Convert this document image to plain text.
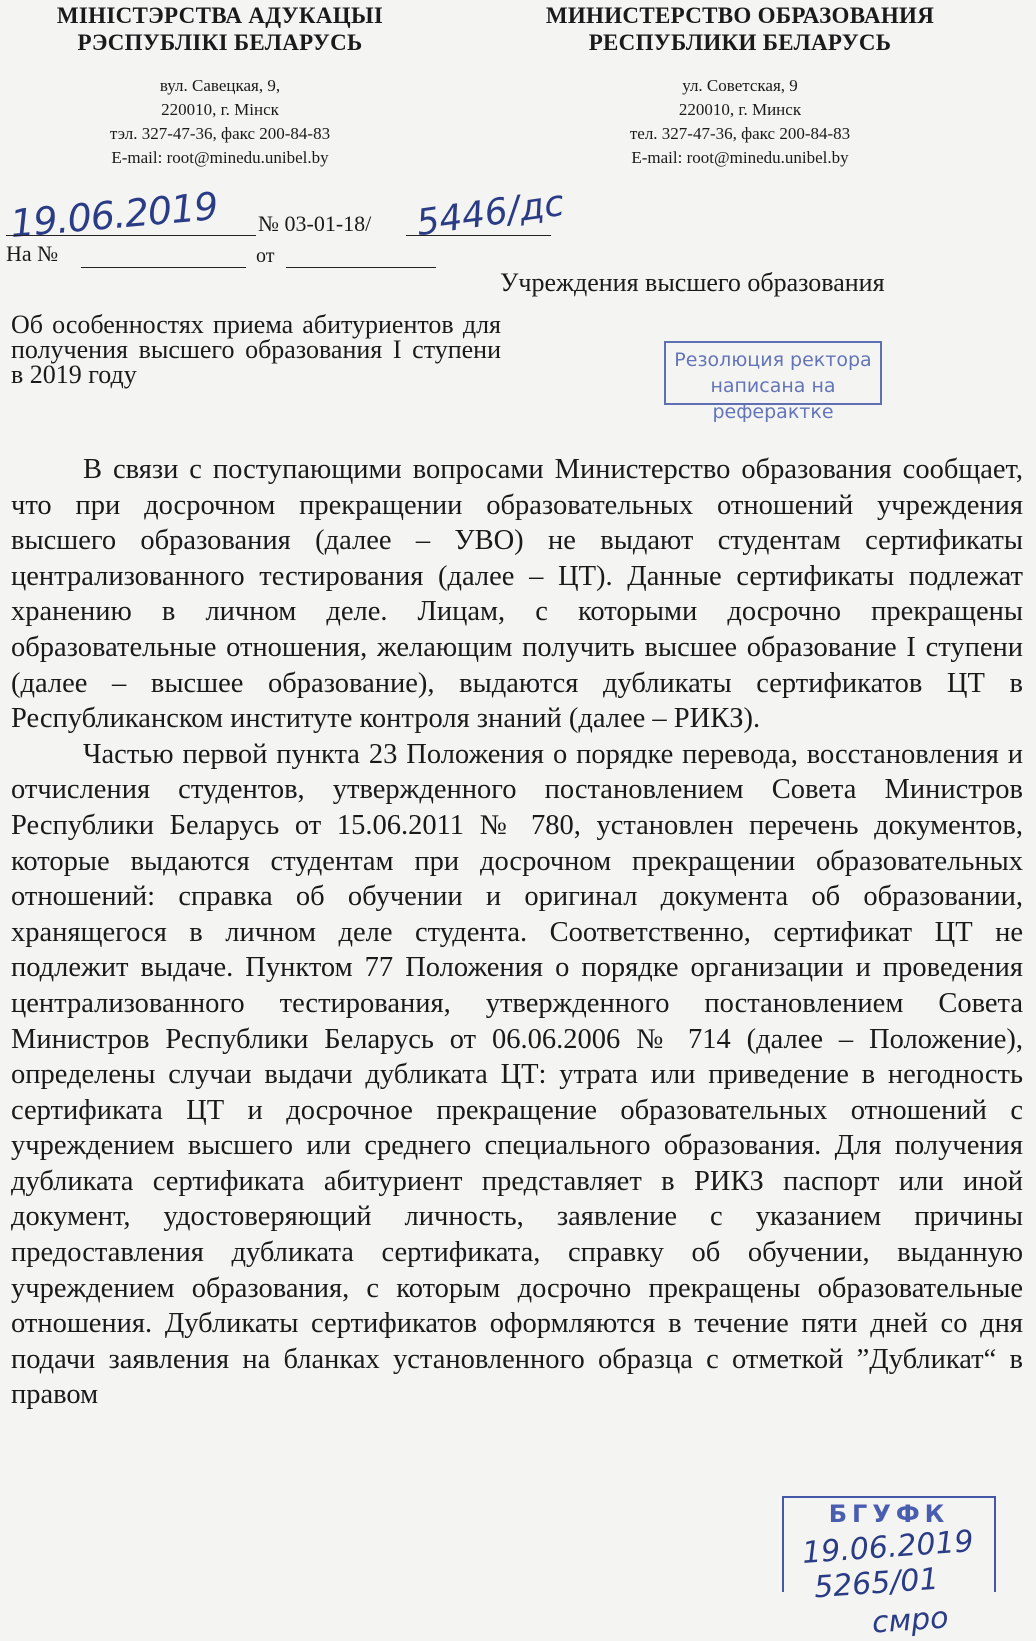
МІНІСТЭРСТВА АДУКАЦЫІ
РЭСПУБЛІКІ БЕЛАРУСЬ
вул. Савецкая, 9,
220010, г. Мінск
тэл. 327-47-36, факс 200-84-83
E-mail: root@minedu.unibel.by
МИНИСТЕРСТВО ОБРАЗОВАНИЯ
РЕСПУБЛИКИ БЕЛАРУСЬ
ул. Советская, 9
220010, г. Минск
тел. 327-47-36, факс 200-84-83
E-mail: root@minedu.unibel.by
19.06.2019 № 03-01-18/ 5446/дс
На №	от
Учреждения высшего образования
Об особенностях приема абитуриентов для получения высшего образования I ступени в 2019 году	Резолюция ректора
написана на реферактке

В связи с поступающими вопросами Министерство образования сообщает, что при досрочном прекращении образовательных отношений учреждения высшего образования (далее – УВО) не выдают студентам сертификаты централизованного тестирования (далее – ЦТ). Данные сертификаты подлежат хранению в личном деле. Лицам, с которыми досрочно прекращены образовательные отношения, желающим получить высшее образование I ступени (далее – высшее образование), выдаются дубликаты сертификатов ЦТ в Республиканском институте контроля знаний (далее – РИКЗ).

Частью первой пункта 23 Положения о порядке перевода, восстановления и отчисления студентов, утвержденного постановлением Совета Министров Республики Беларусь от 15.06.2011 № 780, установлен перечень документов, которые выдаются студентам при досрочном прекращении образовательных отношений: справка об обучении и оригинал документа об образовании, хранящегося в личном деле студента. Соответственно, сертификат ЦТ не подлежит выдаче. Пунктом 77 Положения о порядке организации и проведения централизованного тестирования, утвержденного постановлением Совета Министров Республики Беларусь от 06.06.2006 № 714 (далее – Положение), определены случаи выдачи дубликата ЦТ: утрата или приведение в негодность сертификата ЦТ и досрочное прекращение образовательных отношений с учреждением высшего или среднего специального образования. Для получения дубликата сертификата абитуриент представляет в РИКЗ паспорт или иной документ, удостоверяющий личность, заявление с указанием причины предоставления дубликата сертификата, справку об обучении, выданную учреждением образования, с которым досрочно прекращены образовательные отношения. Дубликаты сертификатов оформляются в течение пяти дней со дня подачи заявления на бланках установленного образца с отметкой ”Дубликат“ в правом

БГУФК
19.06.2019
5265/01
смро
